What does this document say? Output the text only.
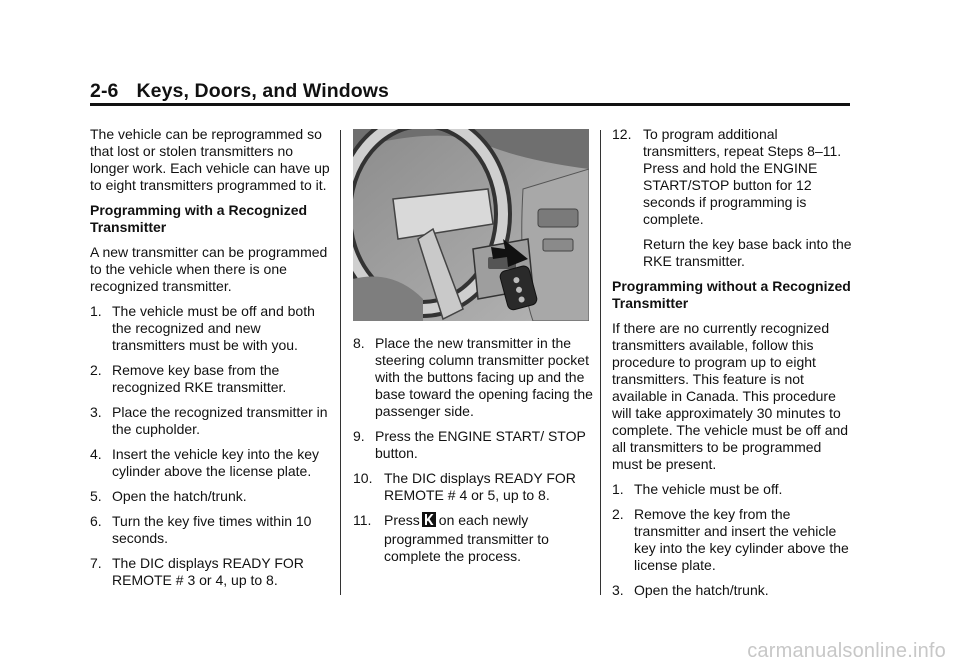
2-6 Keys, Doors, and Windows

The vehicle can be reprogrammed so that lost or stolen transmitters no longer work. Each vehicle can have up to eight transmitters programmed to it.

Programming with a Recognized Transmitter

A new transmitter can be programmed to the vehicle when there is one recognized transmitter.

1. The vehicle must be off and both the recognized and new transmitters must be with you.
2. Remove key base from the recognized RKE transmitter.
3. Place the recognized transmitter in the cupholder.
4. Insert the vehicle key into the key cylinder above the license plate.
5. Open the hatch/trunk.
6. Turn the key five times within 10 seconds.
7. The DIC displays READY FOR REMOTE # 3 or 4, up to 8.
8. Place the new transmitter in the steering column transmitter pocket with the buttons facing up and the base toward the opening facing the passenger side.
9. Press the ENGINE START/ STOP button.
10. The DIC displays READY FOR REMOTE # 4 or 5, up to 8.
11. Press on each newly programmed transmitter to complete the process.
12. To program additional transmitters, repeat Steps 8–11. Press and hold the ENGINE START/STOP button for 12 seconds if programming is complete.
Return the key base back into the RKE transmitter.
Programming without a Recognized Transmitter

If there are no currently recognized transmitters available, follow this procedure to program up to eight transmitters. This feature is not available in Canada. This procedure will take approximately 30 minutes to complete. The vehicle must be off and all transmitters to be programmed must be present.

1. The vehicle must be off.
2. Remove the key from the transmitter and insert the vehicle key into the key cylinder above the license plate.
3. Open the hatch/trunk.
carmanualsonline.info
